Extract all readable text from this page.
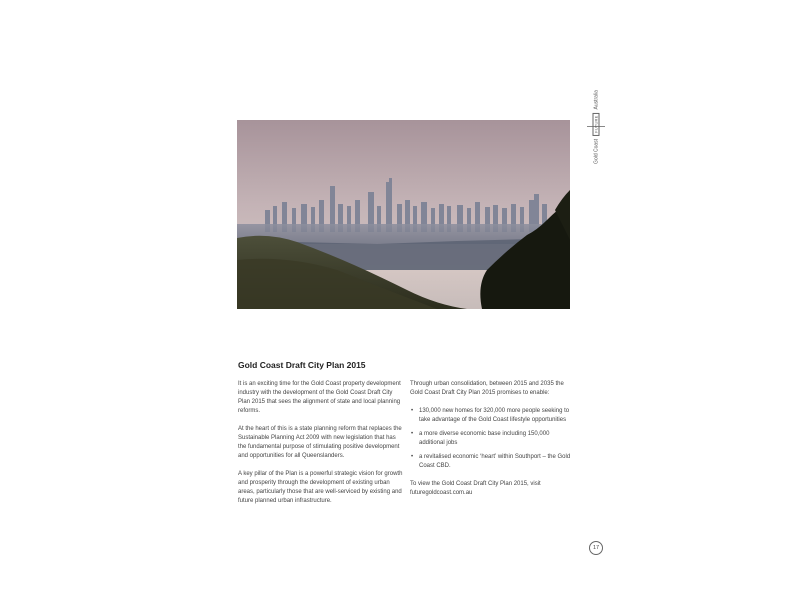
Gold Coast
FUTURE
Australia
Gold Coast Draft City Plan 2015

It is an exciting time for the Gold Coast property development industry with the development of the Gold Coast Draft City Plan 2015 that sees the alignment of state and local planning reforms.

At the heart of this is a state planning reform that replaces the Sustainable Planning Act 2009 with new legislation that has the fundamental purpose of stimulating positive development and opportunities for all Queenslanders.

A key pillar of the Plan is a powerful strategic vision for growth and prosperity through the development of existing urban areas, particularly those that are well-serviced by existing and future planned urban infrastructure.

Through urban consolidation, between 2015 and 2035 the Gold Coast Draft City Plan 2015 promises to enable:

• 130,000 new homes for 320,000 more people seeking to take advantage of the Gold Coast lifestyle opportunities
• a more diverse economic base including 150,000 additional jobs
• a revitalised economic ‘heart’ within Southport – the Gold Coast CBD.

To view the Gold Coast Draft City Plan 2015, visit futuregoldcoast.com.au

17
